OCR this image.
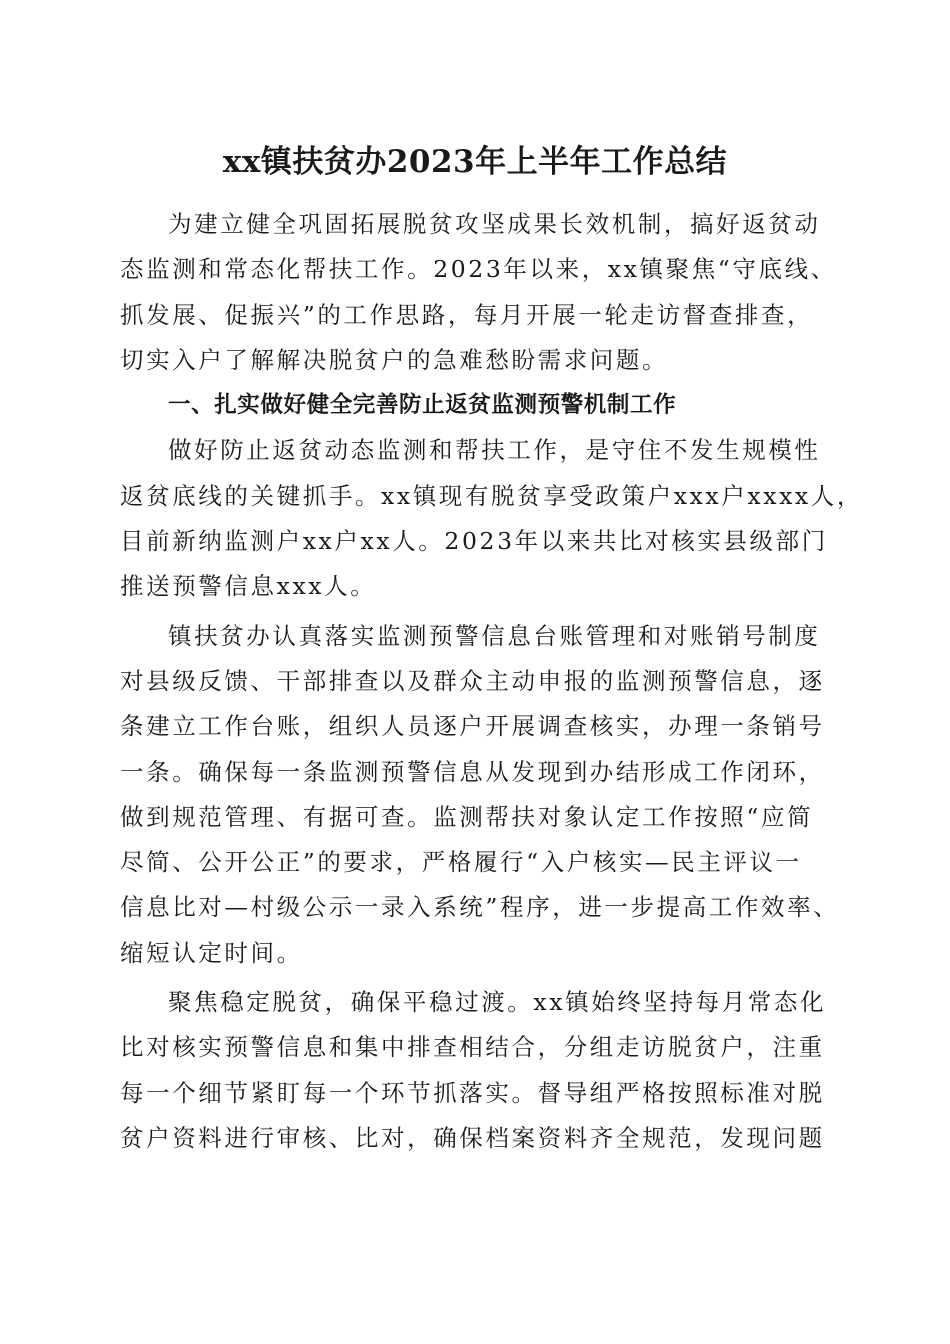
xx镇扶贫办2023年上半年工作总结
为建立健全巩固拓展脱贫攻坚成果长效机制，搞好返贫动
态监测和常态化帮扶工作。2023年以来，xx镇聚焦“守底线、
抓发展、促振兴”的工作思路，每月开展一轮走访督查排查，
切实入户了解解决脱贫户的急难愁盼需求问题。
一、扎实做好健全完善防止返贫监测预警机制工作
做好防止返贫动态监测和帮扶工作，是守住不发生规模性
返贫底线的关键抓手。xx镇现有脱贫享受政策户xxx户xxxx人，
目前新纳监测户xx户xx人。2023年以来共比对核实县级部门
推送预警信息xxx人。
镇扶贫办认真落实监测预警信息台账管理和对账销号制度
对县级反馈、干部排查以及群众主动申报的监测预警信息，逐
条建立工作台账，组织人员逐户开展调查核实，办理一条销号
一条。确保每一条监测预警信息从发现到办结形成工作闭环，
做到规范管理、有据可查。监测帮扶对象认定工作按照“应简
尽简、公开公正”的要求，严格履行“入户核实—民主评议一
信息比对—村级公示一录入系统”程序，进一步提高工作效率、
缩短认定时间。
聚焦稳定脱贫，确保平稳过渡。xx镇始终坚持每月常态化
比对核实预警信息和集中排查相结合，分组走访脱贫户，注重
每一个细节紧盯每一个环节抓落实。督导组严格按照标准对脱
贫户资料进行审核、比对，确保档案资料齐全规范，发现问题
